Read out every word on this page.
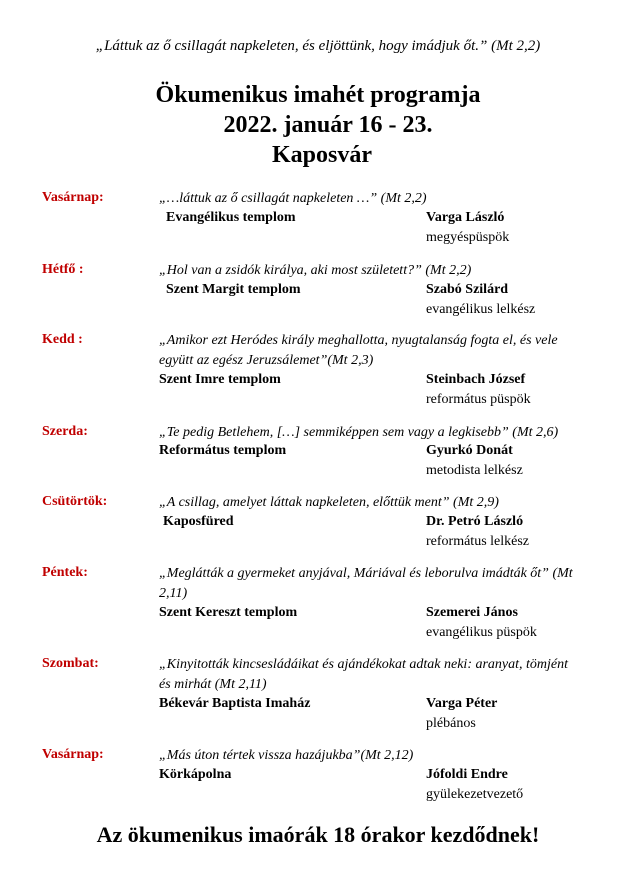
„Láttuk az ő csillagát napkeleten, és eljöttünk, hogy imádjuk őt.” (Mt 2,2)
Ökumenikus imahét programja
2022. január 16 - 23.
Kaposvár
Vasárnap:	„…láttuk az ő csillagát napkeleten …” (Mt 2,2)
Evangélikus templom	Varga László
megyéspüspök
Hétfő :	„Hol van a zsidók királya, aki most született?” (Mt 2,2)
Szent Margit templom	Szabó Szilárd
evangélikus lelkész
Kedd :	„Amikor ezt Heródes király meghallotta, nyugtalanság fogta el, és vele együtt az egész Jeruzsálemet”(Mt 2,3)
Szent Imre templom	Steinbach József
református püspök
Szerda:	„Te pedig Betlehem, […] semmiképpen sem vagy a legkisebb” (Mt 2,6)
Református templom	Gyurkó Donát
metodista lelkész
Csütörtök:	„A csillag, amelyet láttak napkeleten, előttük ment” (Mt 2,9)
Kaposfüred	Dr. Petró László
református lelkész
Péntek:	„Meglátták a gyermeket anyjával, Máriával és leborulva imádták őt” (Mt 2,11)
Szent Kereszt templom	Szemerei János
evangélikus püspök
Szombat:	„Kinyitották kincsesládáikat és ajándékokat adtak neki: aranyat, tömjént és mirhát (Mt 2,11)
Békevár Baptista Imaház	Varga Péter
plébános
Vasárnap:	„Más úton tértek vissza hazájukba”(Mt 2,12)
Körkápolna	Jófoldi Endre
gyülekezetvezető
Az ökumenikus imaórák 18 órakor kezdődnek!
